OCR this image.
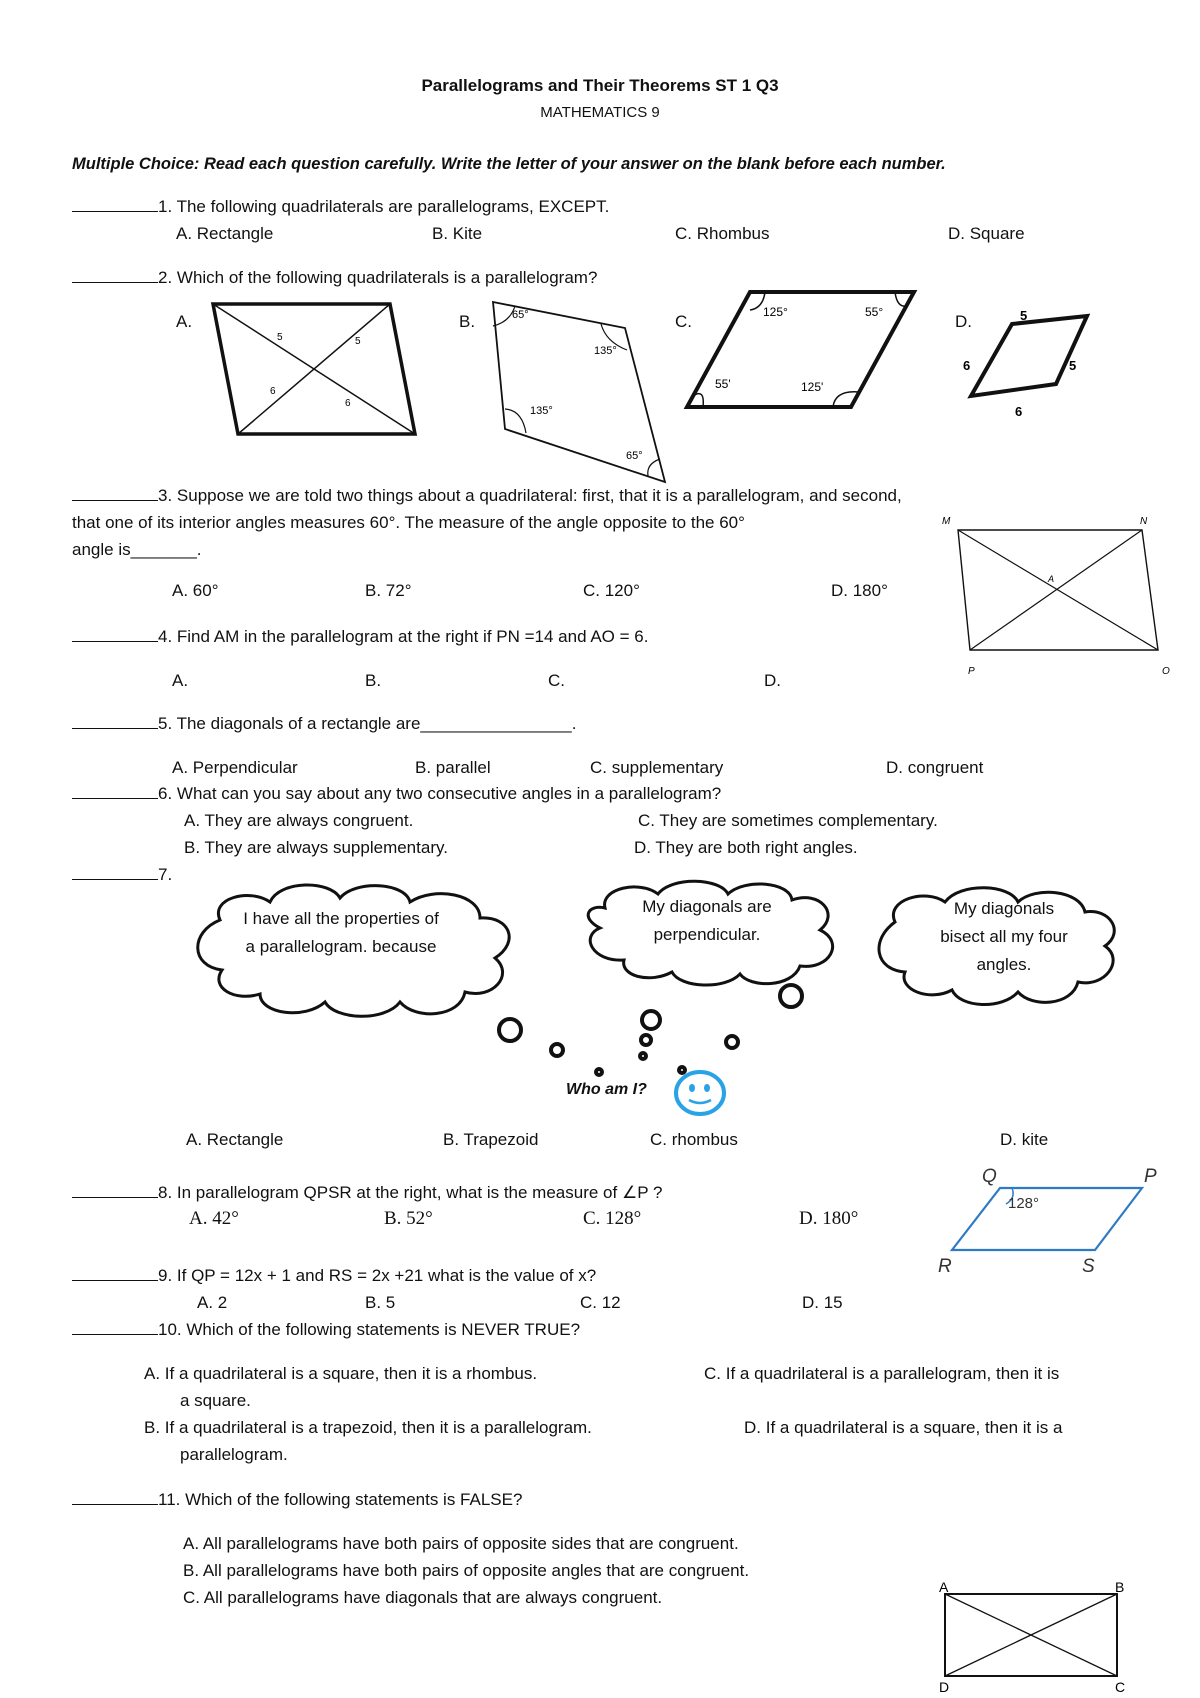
Parallelograms and Their Theorems ST 1 Q3
MATHEMATICS 9
Multiple Choice: Read each question carefully. Write the letter of your answer on the blank before each number.
1. The following quadrilaterals are parallelograms, EXCEPT.
A. Rectangle	B. Kite	C. Rhombus	D. Square
2. Which of the following quadrilaterals is a parallelogram?
A.	B.	C.	D.
5	5
6
6
65°
135°
135°
65°
125°	55°
55'	125'
5
6	5
6
3. Suppose we are told two things about a quadrilateral: first, that it is a parallelogram, and second,
that one of its interior angles measures 60°. The measure of the angle opposite to the 60°
angle is_______.
A. 60°	B. 72°	C. 120°	D. 180°
M	N
P	O
A
4. Find AM in the parallelogram at the right if PN =14 and AO = 6.
A.	B.	C.	D.
5. The diagonals of a rectangle are________________.
A. Perpendicular	B. parallel	C. supplementary	D. congruent
6. What can you say about any two consecutive angles in a parallelogram?
A. They are always congruent.	C. They are sometimes complementary.
B. They are always supplementary.	D. They are both right angles.
7.
I have all the properties of a parallelogram. because
My diagonals are perpendicular.
My diagonals bisect all my four angles.
Who am I?
A. Rectangle	B. Trapezoid	C. rhombus	D. kite
8. In parallelogram QPSR at the right, what is the measure of ∠P ?
A. 42°	B. 52°	C. 128°	D. 180°
Q	P
R	S
128°
9. If QP = 12x + 1 and RS = 2x +21 what is the value of x?
A. 2	B. 5	C. 12	D. 15
10. Which of the following statements is NEVER TRUE?
A. If a quadrilateral is a square, then it is a rhombus.	C. If a quadrilateral is a parallelogram, then it is
a square.
B. If a quadrilateral is a trapezoid, then it is a parallelogram.	D. If a quadrilateral is a square, then it is a
parallelogram.
11. Which of the following statements is FALSE?
A. All parallelograms have both pairs of opposite sides that are congruent.
B. All parallelograms have both pairs of opposite angles that are congruent.
C. All parallelograms have diagonals that are always congruent.
A	B
D	C
